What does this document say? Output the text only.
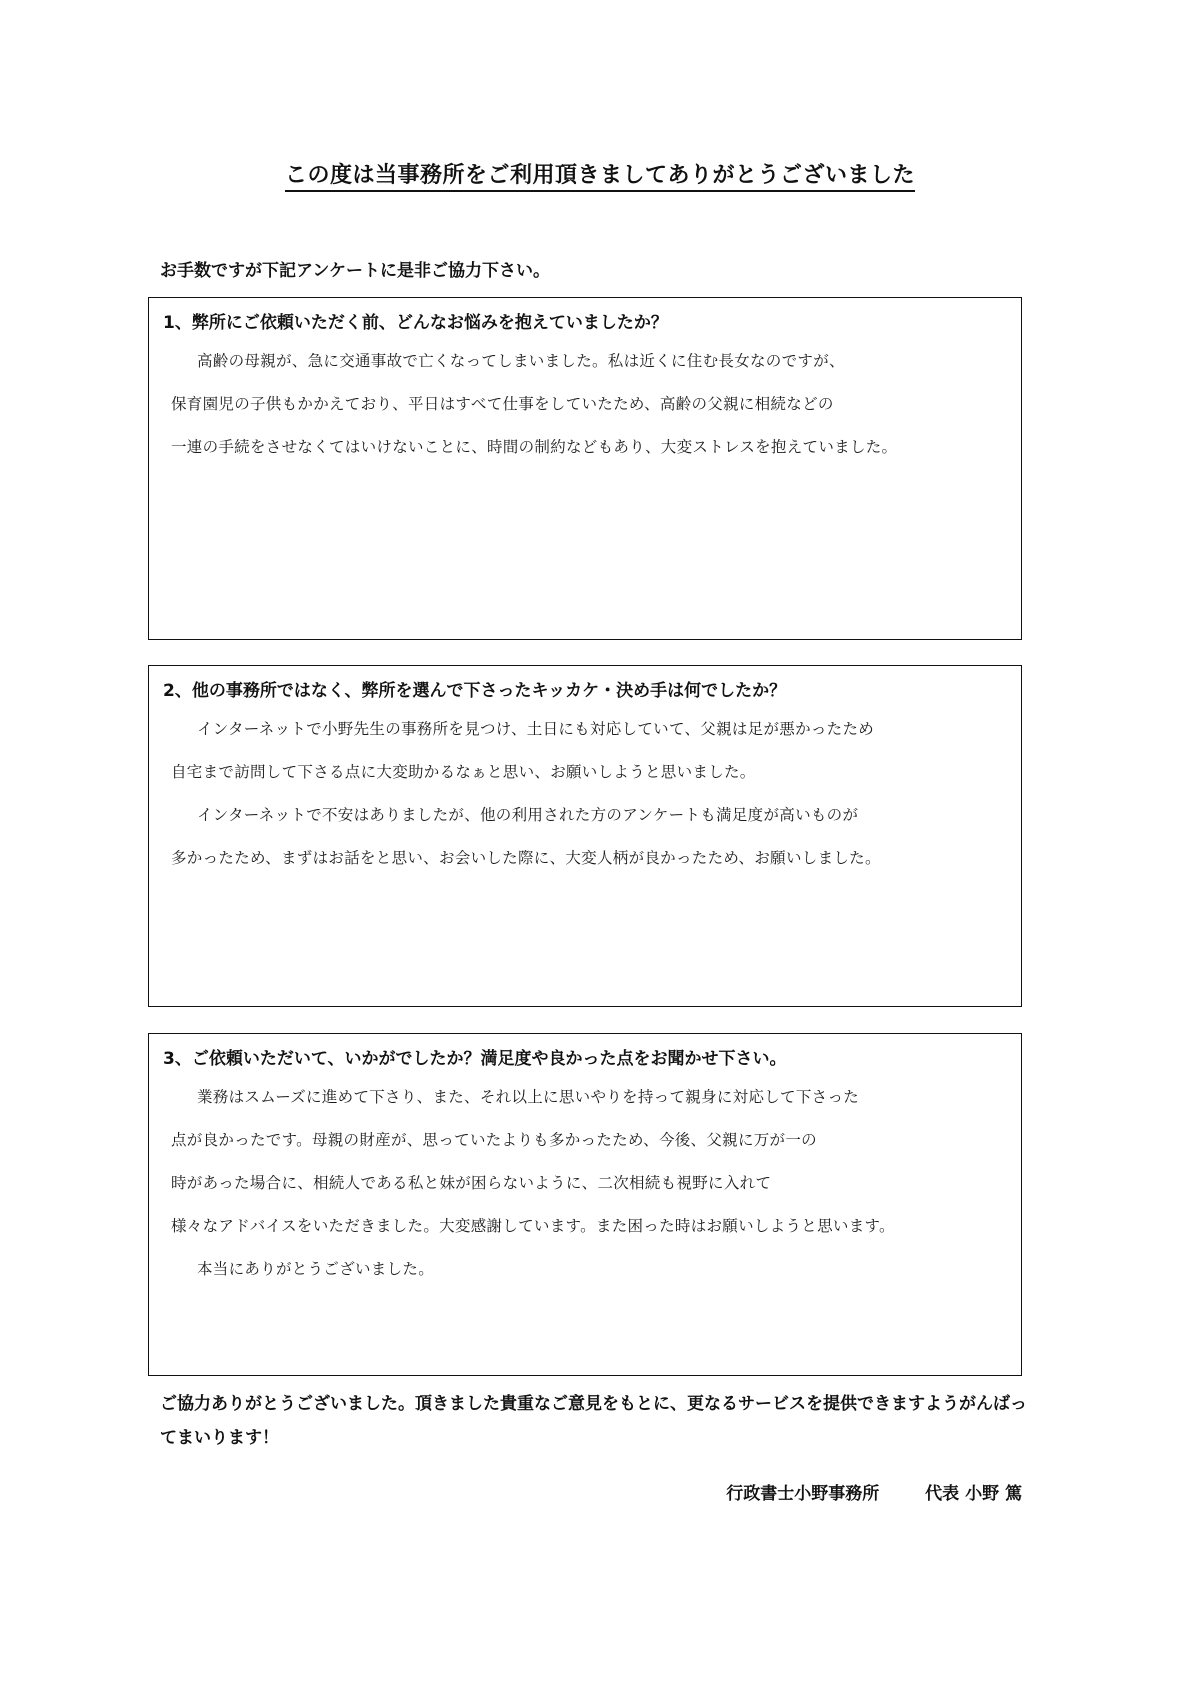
この度は当事務所をご利用頂きましてありがとうございました
お手数ですが下記アンケートに是非ご協力下さい。
1、弊所にご依頼いただく前、どんなお悩みを抱えていましたか？
高齢の母親が、急に交通事故で亡くなってしまいました。私は近くに住む長女なのですが、
保育園児の子供もかかえており、平日はすべて仕事をしていたため、高齢の父親に相続などの
一連の手続をさせなくてはいけないことに、時間の制約などもあり、大変ストレスを抱えていました。
2、他の事務所ではなく、弊所を選んで下さったキッカケ・決め手は何でしたか？
インターネットで小野先生の事務所を見つけ、土日にも対応していて、父親は足が悪かったため
自宅まで訪問して下さる点に大変助かるなぁと思い、お願いしようと思いました。
インターネットで不安はありましたが、他の利用された方のアンケートも満足度が高いものが
多かったため、まずはお話をと思い、お会いした際に、大変人柄が良かったため、お願いしました。
3、ご依頼いただいて、いかがでしたか？満足度や良かった点をお聞かせ下さい。
業務はスムーズに進めて下さり、また、それ以上に思いやりを持って親身に対応して下さった
点が良かったです。母親の財産が、思っていたよりも多かったため、今後、父親に万が一の
時があった場合に、相続人である私と妹が困らないように、二次相続も視野に入れて
様々なアドバイスをいただきました。大変感謝しています。また困った時はお願いしようと思います。
本当にありがとうございました。
ご協力ありがとうございました。頂きました貴重なご意見をもとに、更なるサービスを提供できますようがんばってまいります！
行政書士小野事務所	代表 小野 篤
